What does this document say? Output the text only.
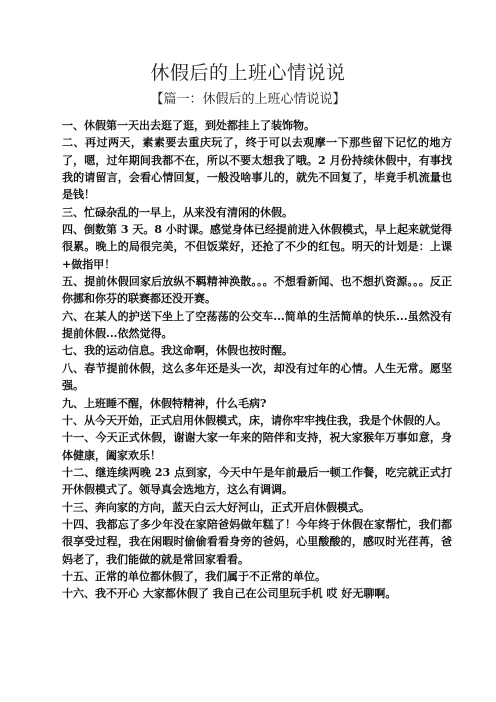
休假后的上班心情说说

【篇一：休假后的上班心情说说】

一、休假第一天出去逛了逛，到处都挂上了装饰物。

二、再过两天，素素要去重庆玩了，终于可以去观摩一下那些留下记忆的地方了，嗯，过年期间我都不在，所以不要太想我了哦。2 月份持续休假中，有事找我的请留言，会看心情回复，一般没啥事儿的，就先不回复了，毕竟手机流量也是钱！

三、忙碌杂乱的一早上，从来没有清闲的休假。

四、倒数第 3 天。8 小时课。感觉身体已经提前进入休假模式，早上起来就觉得很累。晚上的局很完美，不但饭菜好，还抢了不少的红包。明天的计划是：上课+做指甲！

五、提前休假回家后放纵不羁精神涣散。。。不想看新闻、也不想扒资源。。。反正你挪和你芬的联赛都还没开赛。

六、在某人的护送下坐上了空荡荡的公交车...简单的生活简单的快乐...虽然没有提前休假...依然觉得。

七、我的运动信息。我这命啊，休假也按时醒。

八、春节提前休假，这么多年还是头一次，却没有过年的心情。人生无常。愿坚强。

九、上班睡不醒，休假特精神，什么毛病?

十、从今天开始，正式启用休假模式，床，请你牢牢拽住我，我是个休假的人。

十一、今天正式休假，谢谢大家一年来的陪伴和支持，祝大家猴年万事如意，身体健康，阖家欢乐！

十二、继连续两晚 23 点到家，今天中午是年前最后一顿工作餐，吃完就正式打开休假模式了。领导真会选地方，这么有调调。

十三、奔向家的方向，蓝天白云大好河山，正式开启休假模式。

十四、我都忘了多少年没在家陪爸妈做年糕了！今年终于休假在家帮忙，我们都很享受过程，我在闲暇时偷偷看看身旁的爸妈，心里酸酸的，感叹时光荏苒，爸妈老了，我们能做的就是常回家看看。

十五、正常的单位都休假了，我们属于不正常的单位。

十六、我不开心 大家都休假了 我自己在公司里玩手机 哎 好无聊啊。
